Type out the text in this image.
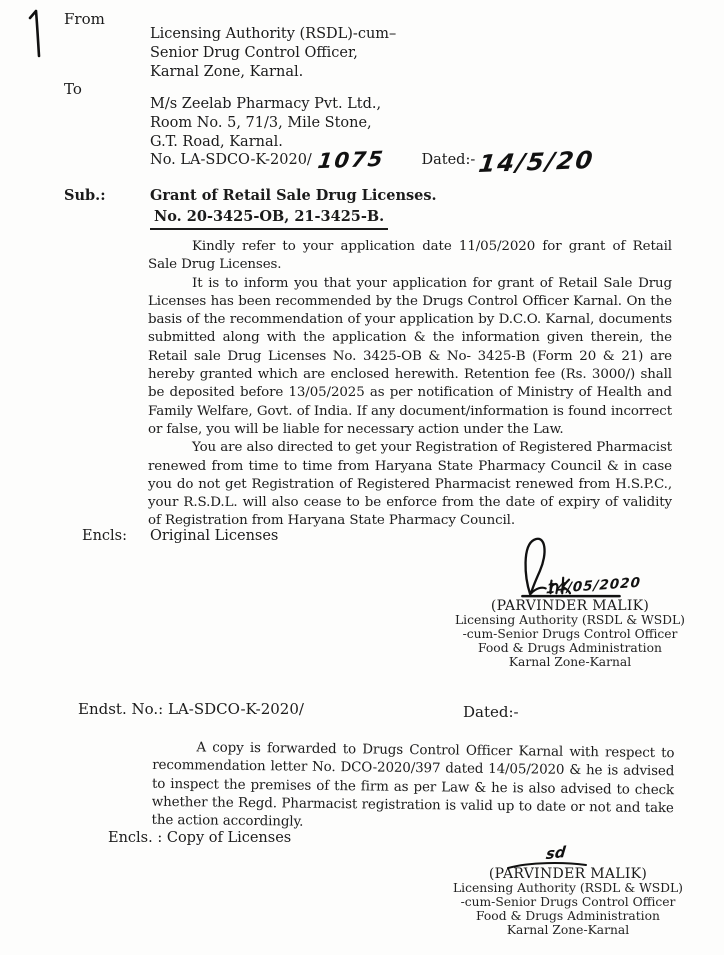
From
Licensing Authority (RSDL)-cum–
Senior Drug Control Officer,
Karnal Zone, Karnal.
To
M/s Zeelab Pharmacy Pvt. Ltd.,
Room No. 5, 71/3, Mile Stone,
G.T. Road, Karnal.
No. LA-SDCO-K-2020/ 1075 Dated:-14/5/20
Sub.:	Grant of Retail Sale Drug Licenses.
No. 20-3425-OB, 21-3425-B.

Kindly refer to your application date 11/05/2020 for grant of Retail Sale Drug Licenses.

It is to inform you that your application for grant of Retail Sale Drug Licenses has been recommended by the Drugs Control Officer Karnal. On the basis of the recommendation of your application by D.C.O. Karnal, documents submitted along with the application & the information given therein, the Retail sale Drug Licenses No. 3425-OB & No- 3425-B (Form 20 & 21) are hereby granted which are enclosed herewith. Retention fee (Rs. 3000/) shall be deposited before 13/05/2025 as per notification of Ministry of Health and Family Welfare, Govt. of India. If any document/information is found incorrect or false, you will be liable for necessary action under the Law.

You are also directed to get your Registration of Registered Pharmacist renewed from time to time from Haryana State Pharmacy Council & in case you do not get Registration of Registered Pharmacist renewed from H.S.P.C., your R.S.D.L. will also cease to be enforce from the date of expiry of validity of Registration from Haryana State Pharmacy Council.

Encls: Original Licenses
14/05/2020
(PARVINDER MALIK)
Licensing Authority (RSDL & WSDL)
-cum-Senior Drugs Control Officer
Food & Drugs Administration
Karnal Zone-Karnal
Endst. No.: LA-SDCO-K-2020/	Dated:-

A copy is forwarded to Drugs Control Officer Karnal with respect to recommendation letter No. DCO-2020/397 dated 14/05/2020 & he is advised to inspect the premises of the firm as per Law & he is also advised to check whether the Regd. Pharmacist registration is valid up to date or not and take the action accordingly.

Encls. : Copy of Licenses
sd
(PARVINDER MALIK)
Licensing Authority (RSDL & WSDL)
-cum-Senior Drugs Control Officer
Food & Drugs Administration
Karnal Zone-Karnal
